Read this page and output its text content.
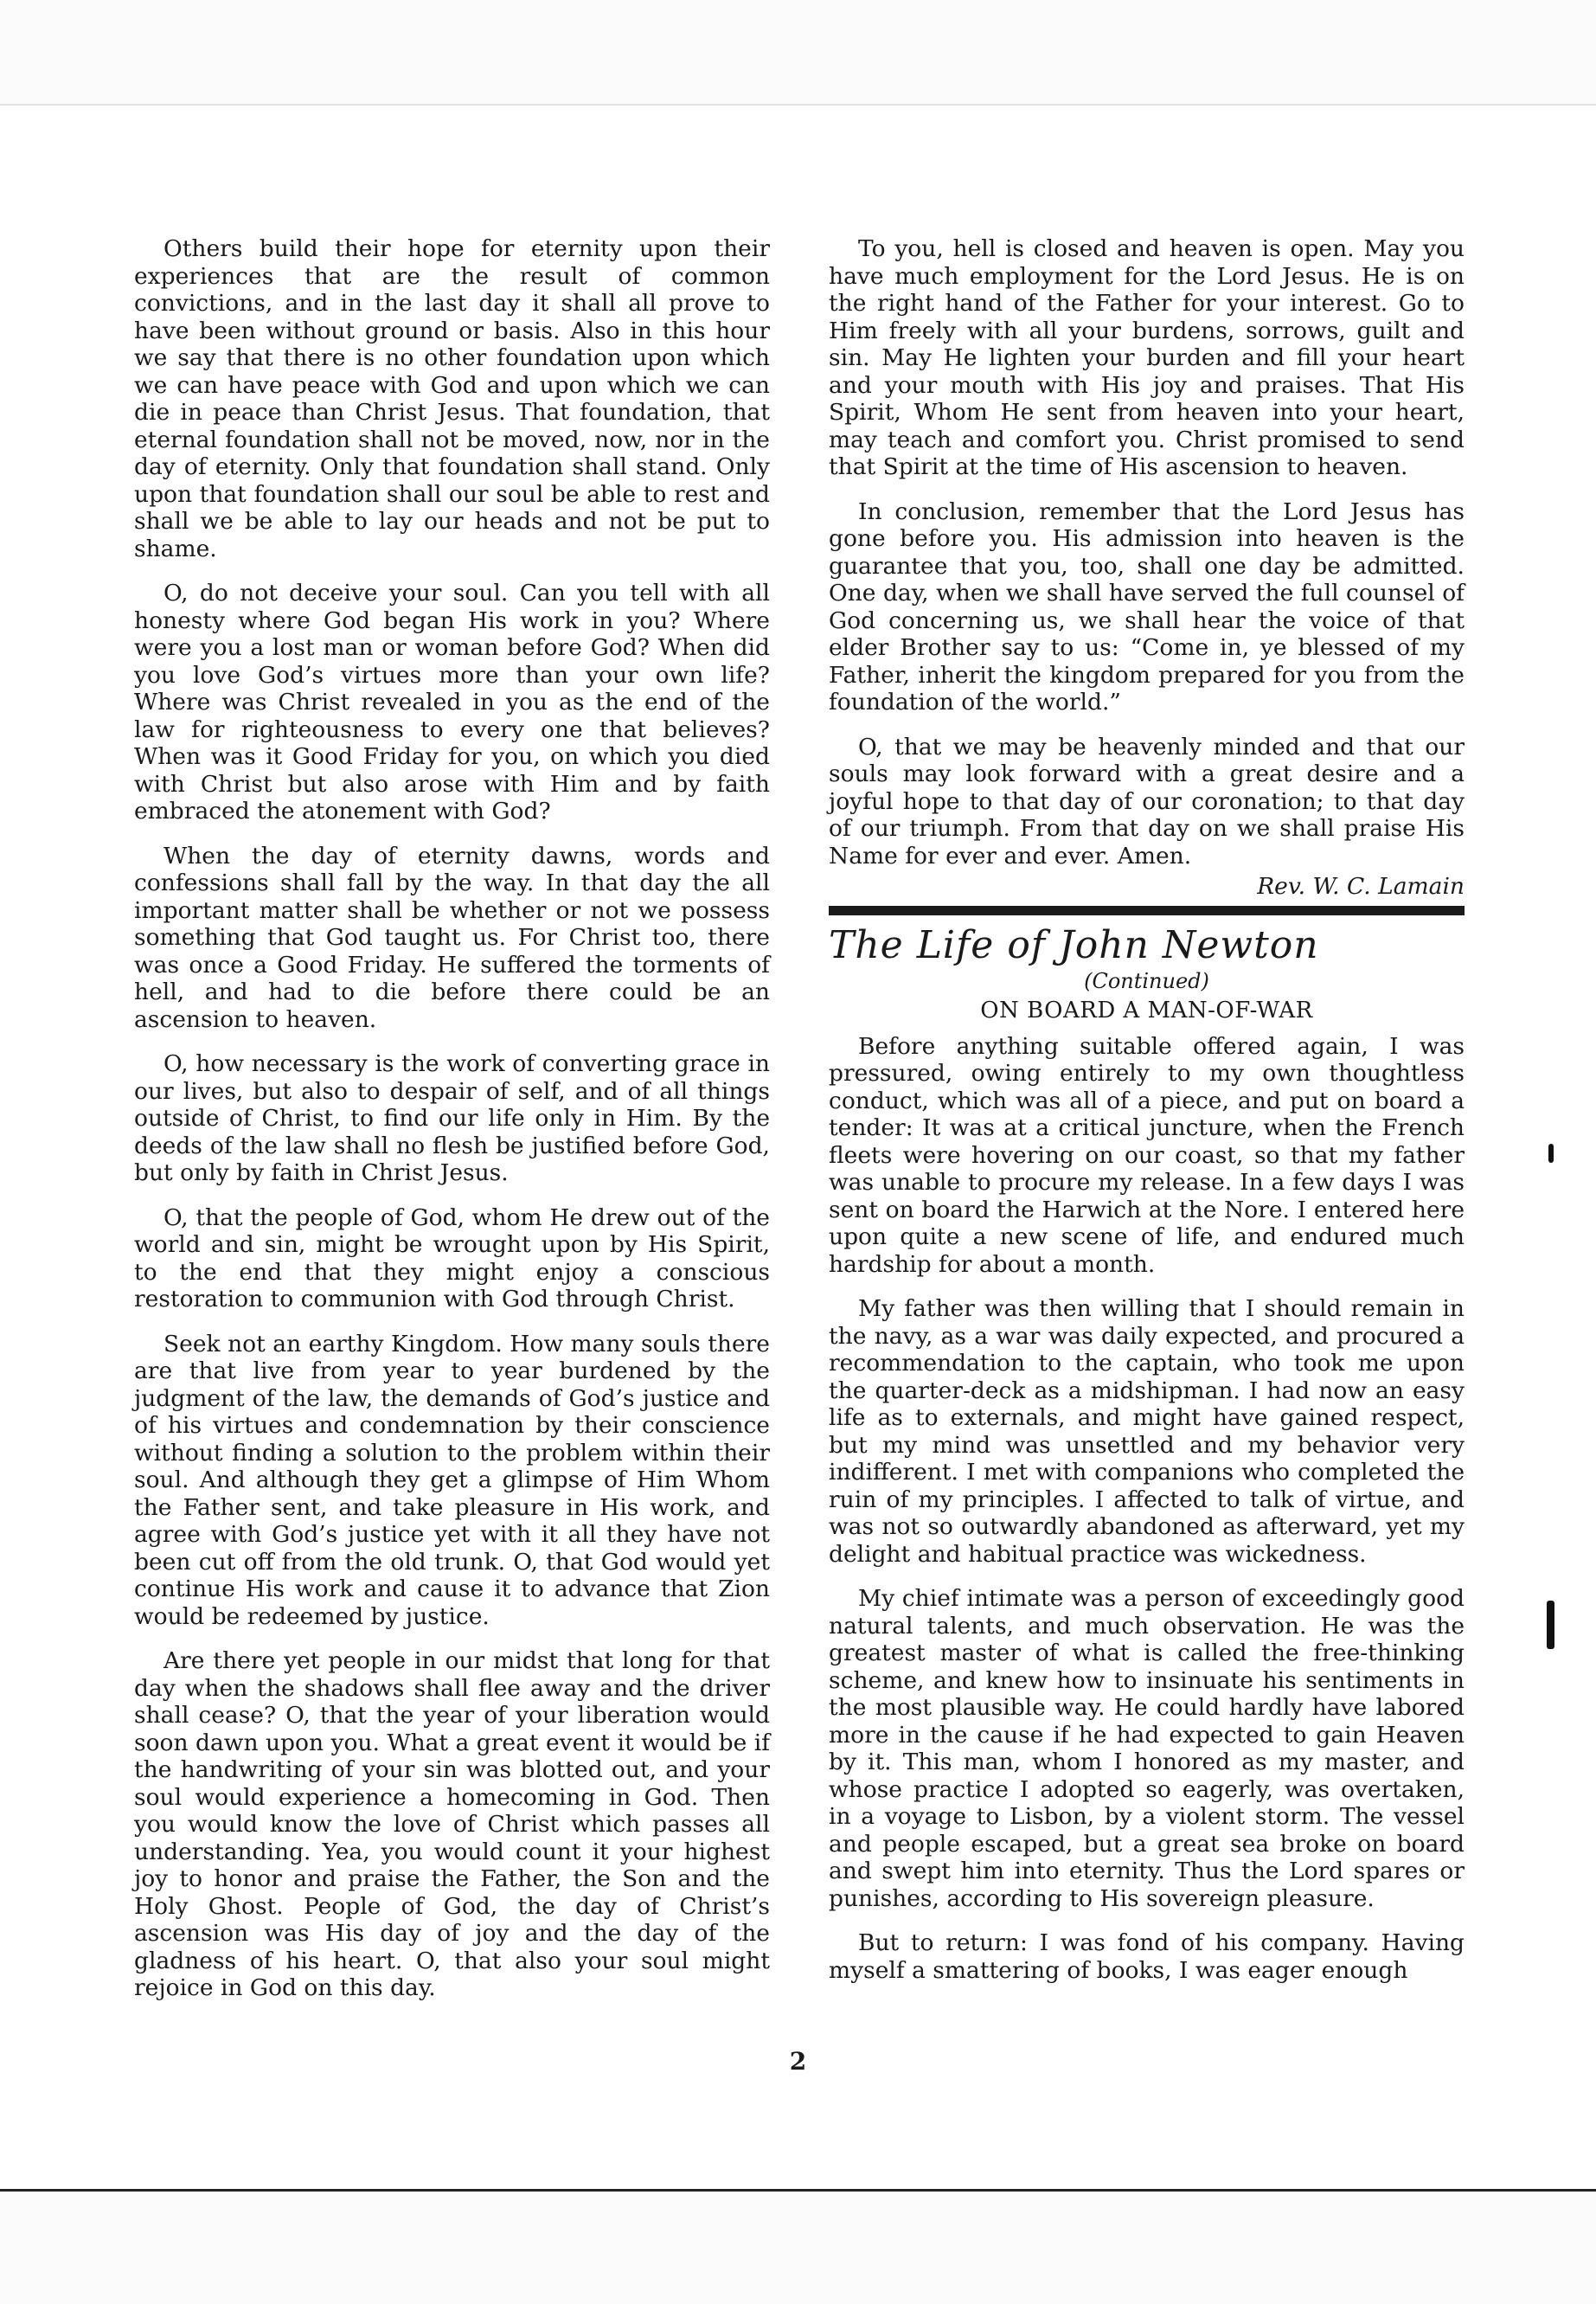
Others build their hope for eternity upon their experiences that are the result of common convictions, and in the last day it shall all prove to have been without ground or basis. Also in this hour we say that there is no other foundation upon which we can have peace with God and upon which we can die in peace than Christ Jesus. That foundation, that eternal foundation shall not be moved, now, nor in the day of eternity. Only that foundation shall stand. Only upon that foundation shall our soul be able to rest and shall we be able to lay our heads and not be put to shame.

O, do not deceive your soul. Can you tell with all honesty where God began His work in you? Where were you a lost man or woman before God? When did you love God’s virtues more than your own life? Where was Christ revealed in you as the end of the law for righteousness to every one that believes? When was it Good Friday for you, on which you died with Christ but also arose with Him and by faith embraced the atonement with God?

When the day of eternity dawns, words and confessions shall fall by the way. In that day the all important matter shall be whether or not we possess something that God taught us. For Christ too, there was once a Good Friday. He suffered the torments of hell, and had to die before there could be an ascension to heaven.

O, how necessary is the work of converting grace in our lives, but also to despair of self, and of all things outside of Christ, to find our life only in Him. By the deeds of the law shall no flesh be justified before God, but only by faith in Christ Jesus.

O, that the people of God, whom He drew out of the world and sin, might be wrought upon by His Spirit, to the end that they might enjoy a conscious restoration to communion with God through Christ.

Seek not an earthy Kingdom. How many souls there are that live from year to year burdened by the judgment of the law, the demands of God’s justice and of his virtues and condemnation by their conscience without finding a solution to the problem within their soul. And although they get a glimpse of Him Whom the Father sent, and take pleasure in His work, and agree with God’s justice yet with it all they have not been cut off from the old trunk. O, that God would yet continue His work and cause it to advance that Zion would be redeemed by justice.

Are there yet people in our midst that long for that day when the shadows shall flee away and the driver shall cease? O, that the year of your liberation would soon dawn upon you. What a great event it would be if the handwriting of your sin was blotted out, and your soul would experience a homecoming in God. Then you would know the love of Christ which passes all understanding. Yea, you would count it your highest joy to honor and praise the Father, the Son and the Holy Ghost. People of God, the day of Christ’s ascension was His day of joy and the day of the gladness of his heart. O, that also your soul might rejoice in God on this day.

To you, hell is closed and heaven is open. May you have much employment for the Lord Jesus. He is on the right hand of the Father for your interest. Go to Him freely with all your burdens, sorrows, guilt and sin. May He lighten your burden and fill your heart and your mouth with His joy and praises. That His Spirit, Whom He sent from heaven into your heart, may teach and comfort you. Christ promised to send that Spirit at the time of His ascension to heaven.

In conclusion, remember that the Lord Jesus has gone before you. His admission into heaven is the guarantee that you, too, shall one day be admitted. One day, when we shall have served the full counsel of God concerning us, we shall hear the voice of that elder Brother say to us: “Come in, ye blessed of my Father, inherit the kingdom prepared for you from the foundation of the world.”

O, that we may be heavenly minded and that our souls may look forward with a great desire and a joyful hope to that day of our coronation; to that day of our triumph. From that day on we shall praise His Name for ever and ever. Amen.

Rev. W. C. Lamain
The Life of John Newton
(Continued)
ON BOARD A MAN-OF-WAR

Before anything suitable offered again, I was pressured, owing entirely to my own thoughtless conduct, which was all of a piece, and put on board a tender: It was at a critical juncture, when the French fleets were hovering on our coast, so that my father was unable to procure my release. In a few days I was sent on board the Harwich at the Nore. I entered here upon quite a new scene of life, and endured much hardship for about a month.

My father was then willing that I should remain in the navy, as a war was daily expected, and procured a recommendation to the captain, who took me upon the quarter-deck as a midshipman. I had now an easy life as to externals, and might have gained respect, but my mind was unsettled and my behavior very indifferent. I met with companions who completed the ruin of my principles. I affected to talk of virtue, and was not so outwardly abandoned as afterward, yet my delight and habitual practice was wickedness.

My chief intimate was a person of exceedingly good natural talents, and much observation. He was the greatest master of what is called the free-thinking scheme, and knew how to insinuate his sentiments in the most plausible way. He could hardly have labored more in the cause if he had expected to gain Heaven by it. This man, whom I honored as my master, and whose practice I adopted so eagerly, was overtaken, in a voyage to Lisbon, by a violent storm. The vessel and people escaped, but a great sea broke on board and swept him into eternity. Thus the Lord spares or punishes, according to His sovereign pleasure.

But to return: I was fond of his company. Having myself a smattering of books, I was eager enough

2
